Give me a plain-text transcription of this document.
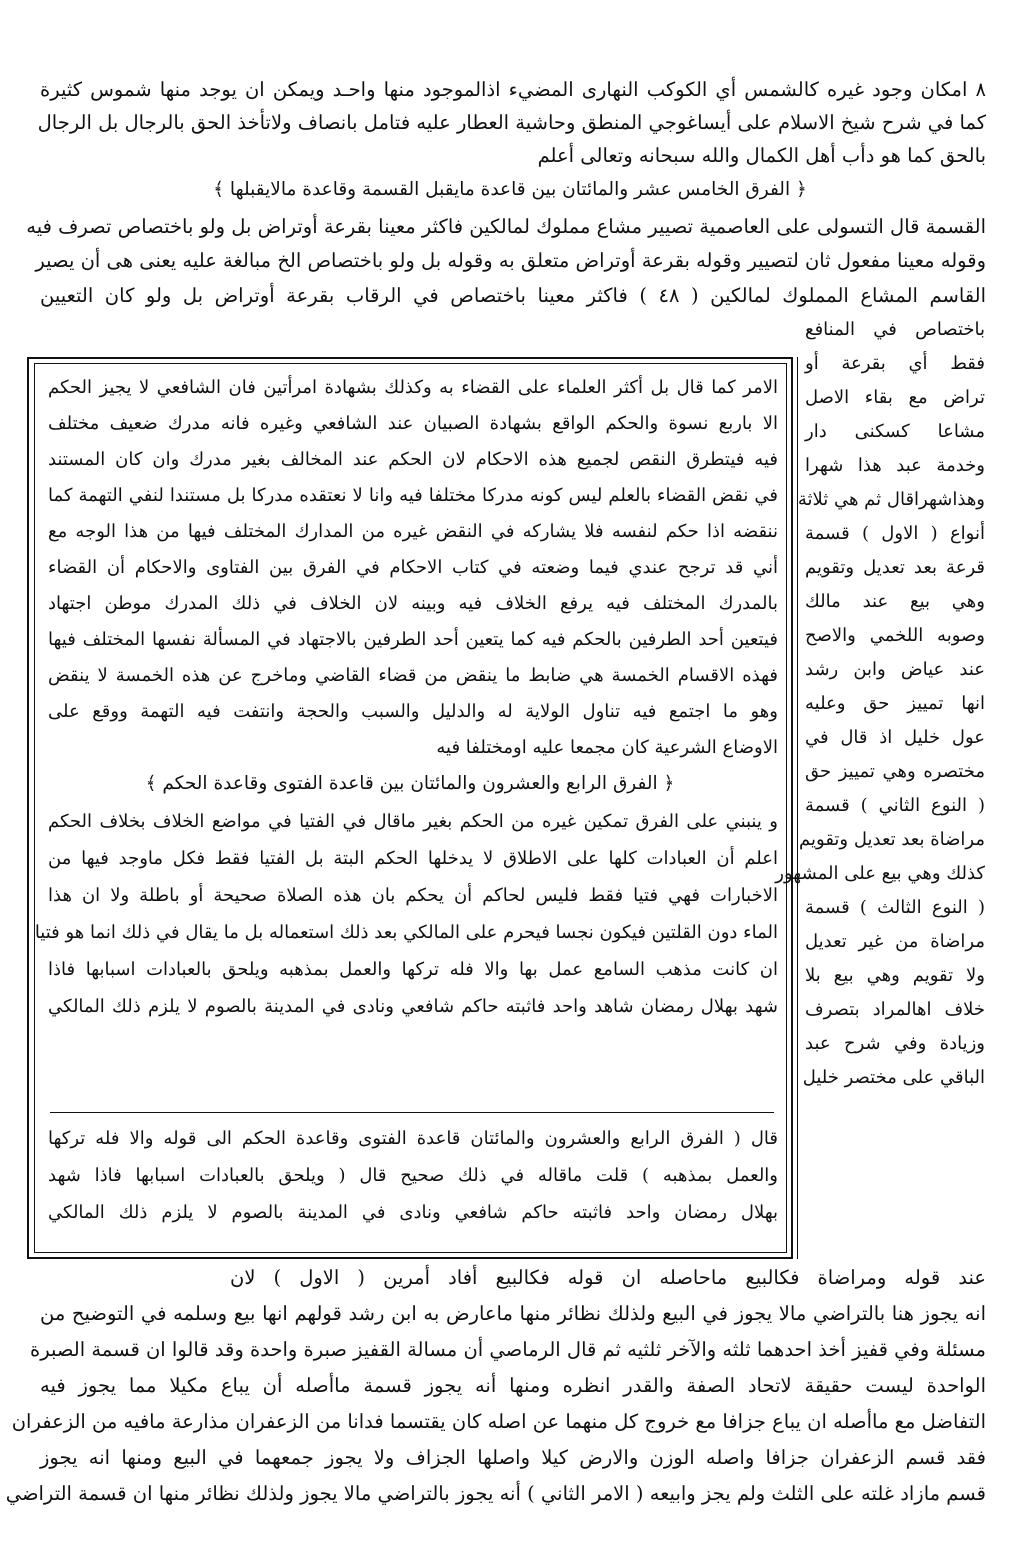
٨ امكان وجود غيره كالشمس أي الكوكب النهارى المضيء اذالموجود منها واحـد ويمكن ان يوجد منها شموس كثيرة
كما في شرح شيخ الاسلام على أيساغوجي المنطق وحاشية العطار عليه فتامل بانصاف ولاتأخذ الحق بالرجال بل الرجال
بالحق كما هو دأب أهل الكمال والله سبحانه وتعالى أعلم
﴿ الفرق الخامس عشر والمائتان بين قاعدة مايقبل القسمة وقاعدة مالايقبلها ﴾
القسمة قال التسولى على العاصمية تصيير مشاع مملوك لمالكين فاكثر معينا بقرعة أوتراض بل ولو باختصاص تصرف فيه
وقوله معينا مفعول ثان لتصيير وقوله بقرعة أوتراض متعلق به وقوله بل ولو باختصاص الخ مبالغة عليه يعنى هى أن يصير
القاسم المشاع المملوك لمالكين ( ٤٨ ) فاكثر معينا باختصاص في الرقاب بقرعة أوتراض بل ولو كان التعيين
باختصاص في المنافع
فقط أي بقرعة أو
تراض مع بقاء الاصل
مشاعا كسكنى دار
وخدمة عبد هذا شهرا
وهذاشهراقال ثم هي ثلاثة
أنواع ( الاول ) قسمة
قرعة بعد تعديل وتقويم
وهي بيع عند مالك
وصوبه اللخمي والاصح
عند عياض وابن رشد
انها تمييز حق وعليه
عول خليل اذ قال في
مختصره وهي تمييز حق
( النوع الثاني ) قسمة
مراضاة بعد تعديل وتقويم
كذلك وهي بيع على المشهور
( النوع الثالث ) قسمة
مراضاة من غير تعديل
ولا تقويم وهي بيع بلا
خلاف اهالمراد بتصرف
وزيادة وفي شرح عبد
الباقي على مختصر خليل
الامر كما قال بل أكثر العلماء على القضاء به وكذلك بشهادة امرأتين فان الشافعي لا يجيز الحكم
الا باربع نسوة والحكم الواقع بشهادة الصبيان عند الشافعي وغيره فانه مدرك ضعيف مختلف
فيه فيتطرق النقص لجميع هذه الاحكام لان الحكم عند المخالف بغير مدرك وان كان المستند
في نقض القضاء بالعلم ليس كونه مدركا مختلفا فيه وانا لا نعتقده مدركا بل مستندا لنفي التهمة كما
ننقضه اذا حكم لنفسه فلا يشاركه في النقض غيره من المدارك المختلف فيها من هذا الوجه مع
أني قد ترجح عندي فيما وضعته في كتاب الاحكام في الفرق بين الفتاوى والاحكام أن القضاء
بالمدرك المختلف فيه يرفع الخلاف فيه وبينه لان الخلاف في ذلك المدرك موطن اجتهاد
فيتعين أحد الطرفين بالحكم فيه كما يتعين أحد الطرفين بالاجتهاد في المسألة نفسها المختلف فيها
فهذه الاقسام الخمسة هي ضابط ما ينقض من قضاء القاضي وماخرج عن هذه الخمسة لا ينقض
وهو ما اجتمع فيه تناول الولاية له والدليل والسبب والحجة وانتفت فيه التهمة ووقع على
الاوضاع الشرعية كان مجمعا عليه اومختلفا فيه
﴿ الفرق الرابع والعشرون والمائتان بين قاعدة الفتوى وقاعدة الحكم ﴾
و ينبني على الفرق تمكين غيره من الحكم بغير ماقال في الفتيا في مواضع الخلاف بخلاف الحكم
اعلم أن العبادات كلها على الاطلاق لا يدخلها الحكم البتة بل الفتيا فقط فكل ماوجد فيها من
الاخبارات فهي فتيا فقط فليس لحاكم أن يحكم بان هذه الصلاة صحيحة أو باطلة ولا ان هذا
الماء دون القلتين فيكون نجسا فيحرم على المالكي بعد ذلك استعماله بل ما يقال في ذلك انما هو فتيا
ان كانت مذهب السامع عمل بها والا فله تركها والعمل بمذهبه ويلحق بالعبادات اسبابها فاذا
شهد بهلال رمضان شاهد واحد فاثبته حاكم شافعي ونادى في المدينة بالصوم لا يلزم ذلك المالكي
قال ( الفرق الرابع والعشرون والمائتان قاعدة الفتوى وقاعدة الحكم الى قوله والا فله تركها
والعمل بمذهبه ) قلت ماقاله في ذلك صحيح قال ( ويلحق بالعبادات اسبابها فاذا شهد
بهلال رمضان واحد فاثبته حاكم شافعي ونادى في المدينة بالصوم لا يلزم ذلك المالكي
عند قوله ومراضاة فكالبيع ماحاصله ان قوله فكالبيع أفاد أمرين ( الاول ) لان
انه يجوز هنا بالتراضي مالا يجوز في البيع ولذلك نظائر منها ماعارض به ابن رشد قولهم انها بيع وسلمه في التوضيح من
مسئلة وفي قفيز أخذ احدهما ثلثه والآخر ثلثيه ثم قال الرماصي أن مسالة القفيز صبرة واحدة وقد قالوا ان قسمة الصبرة
الواحدة ليست حقيقة لاتحاد الصفة والقدر انظره ومنها أنه يجوز قسمة ماأصله أن يباع مكيلا مما يجوز فيه
التفاضل مع ماأصله ان يباع جزافا مع خروج كل منهما عن اصله كان يقتسما فدانا من الزعفران مذارعة مافيه من الزعفران
فقد قسم الزعفران جزافا واصله الوزن والارض كيلا واصلها الجزاف ولا يجوز جمعهما في البيع ومنها انه يجوز
قسم مازاد غلته على الثلث ولم يجز وابيعه ( الامر الثاني ) أنه يجوز بالتراضي مالا يجوز ولذلك نظائر منها ان قسمة التراضي
